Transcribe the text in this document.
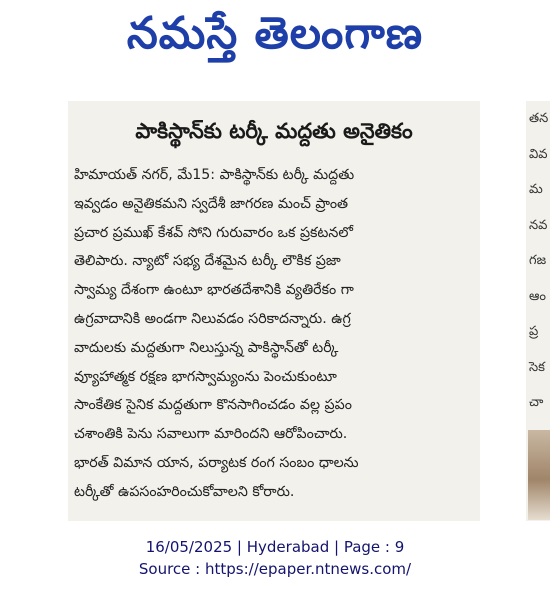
నమస్తే తెలంగాణ
పాకిస్థాన్‌కు టర్కీ మద్దతు అనైతికం
హిమాయత్ నగర్, మే15: పాకిస్థాన్‌కు టర్కీ మద్దతు
ఇవ్వడం అనైతికమని స్వదేశీ జాగరణ మంచ్ ప్రాంత
ప్రచార ప్రముఖ్ కేశవ్ సోని గురువారం ఒక ప్రకటనలో
తెలిపారు. న్యాటో సభ్య దేశమైన టర్కీ లౌకిక ప్రజా
స్వామ్య దేశంగా ఉంటూ భారతదేశానికి వ్యతిరేకం గా
ఉగ్రవాదానికి అండగా నిలువడం సరికాదన్నారు. ఉగ్ర
వాదులకు మద్దతుగా నిలుస్తున్న పాకిస్థాన్‌తో టర్కీ
వ్యూహాత్మక రక్షణ భాగస్వామ్యంను పెంచుకుంటూ
సాంకేతిక సైనిక మద్దతుగా కొనసాగించడం వల్ల ప్రపం
చశాంతికి పెను సవాలుగా మారిందని ఆరోపించారు.
భారత్ విమాన యాన, పర్యాటక రంగ సంబం ధాలను
టర్కీతో ఉపసంహరించుకోవాలని కోరారు.
తన
వివ
మ
నవ
గజ
ఆం
ప్ర
సెక
చా
16/05/2025 | Hyderabad | Page : 9
Source : https://epaper.ntnews.com/
